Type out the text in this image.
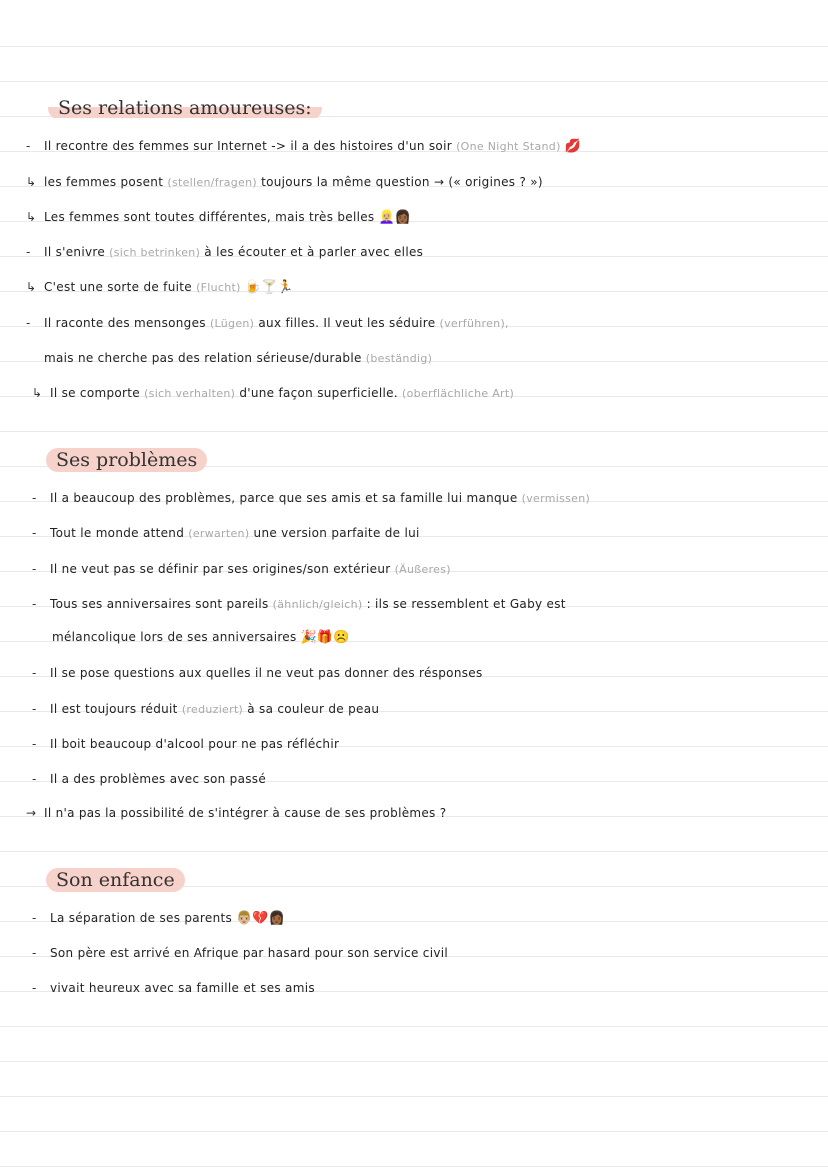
Ses relations amoureuses:
- Il recontre des femmes sur Internet -> il a des histoires d'un soir (One Night Stand) 💋
↳ les femmes posent (stellen/fragen) toujours la même question → (« origines ? »)
↳ Les femmes sont toutes différentes, mais très belles 👱🏼‍♀️👩🏾
- Il s'enivre (sich betrinken) à les écouter et à parler avec elles
↳ C'est une sorte de fuite (Flucht) 🍺🍸🏃
- Il raconte des mensonges (Lügen) aux filles. Il veut les séduire (verführen),
mais ne cherche pas des relation sérieuse/durable (beständig)
↳ Il se comporte (sich verhalten) d'une façon superficielle. (oberflächliche Art)
Ses problèmes
- Il a beaucoup des problèmes, parce que ses amis et sa famille lui manque (vermissen)
- Tout le monde attend (erwarten) une version parfaite de lui
- Il ne veut pas se définir par ses origines/son extérieur (Äußeres)
- Tous ses anniversaires sont pareils (ähnlich/gleich) : ils se ressemblent et Gaby est
mélancolique lors de ses anniversaires 🎉🎁☹️
- Il se pose questions aux quelles il ne veut pas donner des résponses
- Il est toujours réduit (reduziert) à sa couleur de peau
- Il boit beaucoup d'alcool pour ne pas réfléchir
- Il a des problèmes avec son passé
→ Il n'a pas la possibilité de s'intégrer à cause de ses problèmes ?
Son enfance
- La séparation de ses parents 👨🏼💔👩🏾
- Son père est arrivé en Afrique par hasard pour son service civil
- vivait heureux avec sa famille et ses amis
